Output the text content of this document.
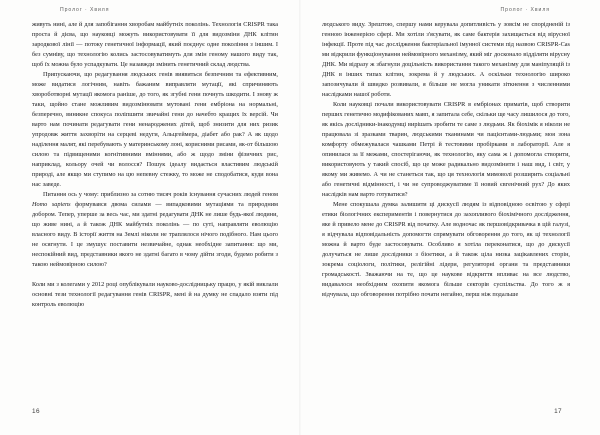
Пролог · Хвиля

живуть нині, але й для запобігання хворобам майбутніх поколінь. Технологія CRISPR така проста й дієва, що науковці можуть використовувати її для видозміни ДНК клітин зародкової лінії — потоку генетичної інформації, який поєднує одне покоління з іншим. І без сумніву, що технологію колись застосовуватимуть для змін геному нашого виду так, щоб їх можна було успадкувати. Це назавжди змінить генетичний склад людства.

Припускаючи, що редагування людських генів виявиться безпечним та ефективним, може видатися логічним, навіть бажаним виправляти мутації, які спричиняють хвороботворні мутації якомога раніше, до того, як згубні гени почнуть шкодити. І знову ж таки, щойно стане можливим видозмінювати мутовані гени ембріона на нормальні, безперечно, виникне спокуса поліпшити звичайні гени до начебто кращих їх версій. Чи варто нам починати редагувати гени ненароджених дітей, щоб знизити для них ризик упродовж життя захворіти на серцеві недуги, Альцгеймера, діабет або рак? А як щодо наділення малят, які перебувають у материнському лоні, корисними рисами, як-от більшою силою та підвищеними когнітивними вміннями, або ж щодо зміни фізичних рис, наприклад, кольору очей чи волосся? Пошук ідеалу видається властивим людській природі, але якщо ми ступимо на цю непевну стежку, то може не сподобатися, куди вона нас заведе.

Питання ось у чому: приблизно за сотню тисяч років існування сучасних людей геном Homo sapiens формувався двома силами — випадковими мутаціями та природним добором. Тепер, уперше за весь час, ми здатні редагувати ДНК не лише будь-якої людини, що живе нині, а й також ДНК майбутніх поколінь — по суті, направляти еволюцію власного виду. В історії життя на Землі ніколи не траплялося нічого подібного. Нам цього не осягнути. І це змушує поставити незвичайне, однак необхідне запитання: що ми, неспокійний вид, представники якого не здатні багато в чому дійти згоди, будемо робити з такою неймовірною силою?

Коли ми з колегами у 2012 році опублікували науково-дослідницьку працю, у якій виклали основні тези технології редагування генів CRISPR, мені й на думку не спадало взяти під контроль еволюцію

16
Пролог · Хвиля

людського виду. Зрештою, спершу нами керувала допитливість у зовсім не спорідненій із генною інженерією сфері. Ми хотіли з'ясувати, як саме бактерія захищається від вірусної інфекції. Проте під час дослідження бактеріальної імунної системи під назвою CRISPR-Cas ми відкрили функціонування неймовірного механізму, який міг досконало відділяти вірусну ДНК. Ми відразу ж збагнули доцільність використання такого механізму для маніпуляцій із ДНК в інших типах клітин, зокрема й у людських. А оскільки технологію широко запозичували й швидко розвивали, я більше не могла уникати зіткнення з численними наслідками нашої роботи.

Коли науковці почали використовувати CRISPR в ембріонах приматів, щоб створити перших генетично модифікованих мавп, я запитала себе, скільки ще часу лишилося до того, як якісь дослідники-інакодумці вирішать зробити те саме з людьми. Як біохімік я ніколи не працювала зі зразками тварин, людськими тканинами чи пацієнтами-людьми; моя зона комфорту обмежувалася чашками Петрі й тестовими пробірками в лабораторії. Але я опинилася за її межами, спостерігаючи, як технологію, яку сама ж і допомогла створити, використовують у такий спосіб, що це може радикально видозмінити і наш вид, і світ, у якому ми живемо. А чи не станеться так, що ця технологія мимоволі розширить соціальні або генетичні відмінності, і чи не супроводжуватиме її новий євгенічний рух? До яких наслідків нам варто готуватися?

Мене спокушала думка залишити ці дискусії людям із відповідною освітою у сфері етики біологічних експериментів і повернутися до захопливого біохімічного дослідження, яке й привело мене до CRISPR від початку. Але водночас як першовідкривачка в цій галузі, я відчувала відповідальність допомогти спрямувати обговорення до того, як ці технології можна й варто буде застосовувати. Особливо я хотіла переконатися, що до дискусії долучаться не лише дослідники з біоетики, а й також ціла низка зацікавлених сторін, зокрема соціологи, політики, релігійні лідери, регуляторні органи та представники громадськості. Зважаючи на те, що це наукове відкриття впливає на все людство, видавалося необхідним охопити якомога більше секторів суспільства. До того ж я відчувала, що обговорення потрібно почати негайно, перш ніж подальше

17
